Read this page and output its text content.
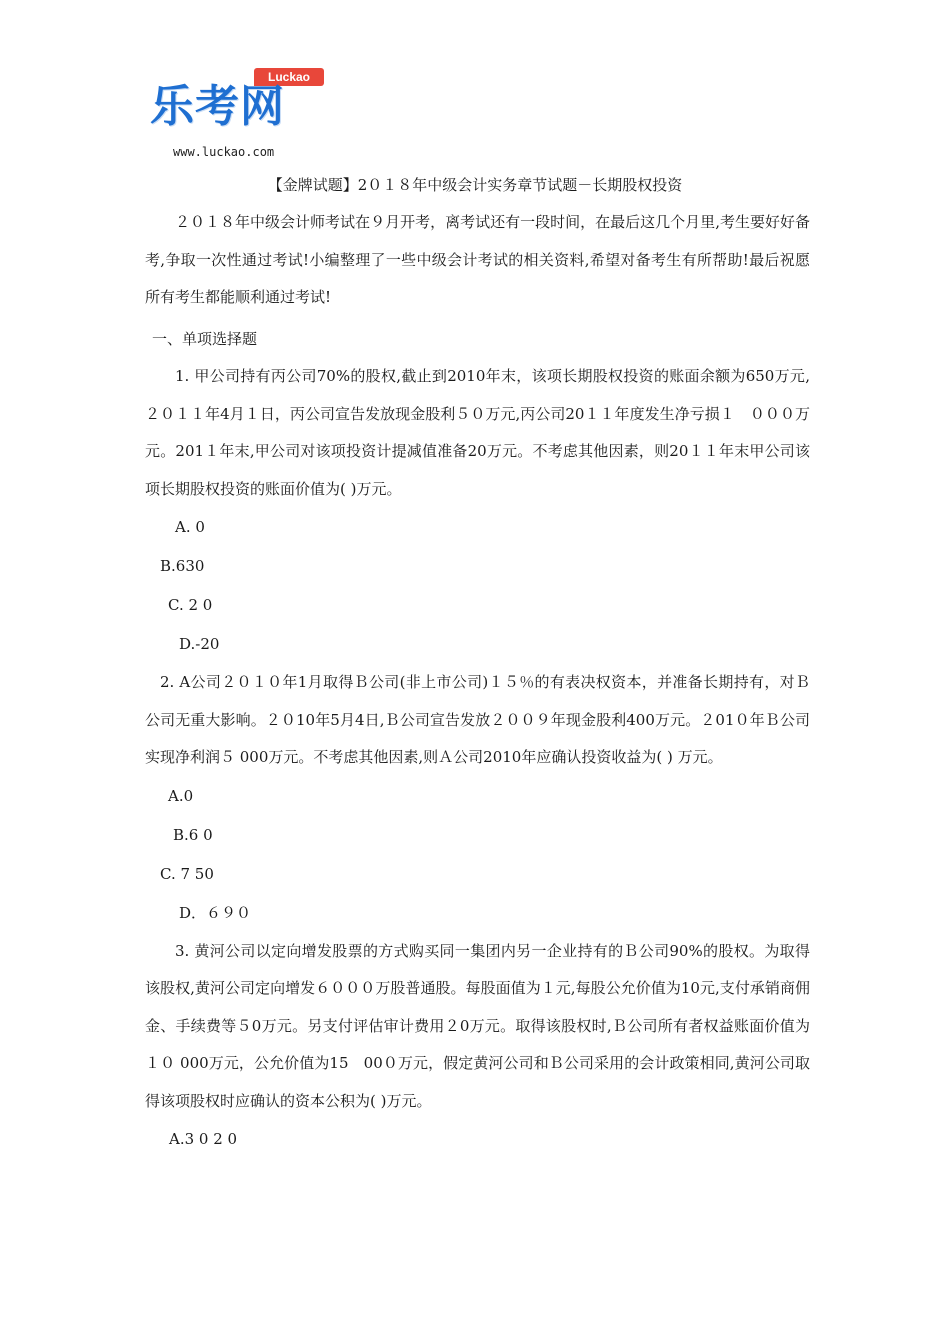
Luckao
乐考网
www.luckao.com
【金牌试题】2０１８年中级会计实务章节试题－长期股权投资

２０１８年中级会计师考试在９月开考，离考试还有一段时间，在最后这几个月里,考生要好好备考,争取一次性通过考试!小编整理了一些中级会计考试的相关资料,希望对备考生有所帮助!最后祝愿所有考生都能顺利通过考试!

一、单项选择题

1. 甲公司持有丙公司70%的股权,截止到2010年末，该项长期股权投资的账面余额为650万元,２０１１年4月１日，丙公司宣告发放现金股利５０万元,丙公司20１１年度发生净亏损１　０００万元。201１年末,甲公司对该项投资计提减值准备20万元。不考虑其他因素，则20１１年末甲公司该项长期股权投资的账面价值为( )万元。

A. 0

B.630

C. 2 0

D.-20

2. A公司２０１０年1月取得Ｂ公司(非上市公司)１５％的有表决权资本，并准备长期持有，对Ｂ公司无重大影响。２０10年5月4日,Ｂ公司宣告发放２００９年现金股利400万元。２01０年Ｂ公司实现净利润５ 000万元。不考虑其他因素,则Ａ公司2010年应确认投资收益为( ) 万元。

A.0

B.6 0

C. 7 50

D．６９０

3. 黄河公司以定向增发股票的方式购买同一集团内另一企业持有的Ｂ公司90%的股权。为取得该股权,黄河公司定向增发６０００万股普通股。每股面值为１元,每股公允价值为10元,支付承销商佣金、手续费等５0万元。另支付评估审计费用２0万元。取得该股权时,Ｂ公司所有者权益账面价值为１０ 000万元，公允价值为15　00０万元，假定黄河公司和Ｂ公司采用的会计政策相同,黄河公司取得该项股权时应确认的资本公积为( )万元。

A.3 0 2 0
